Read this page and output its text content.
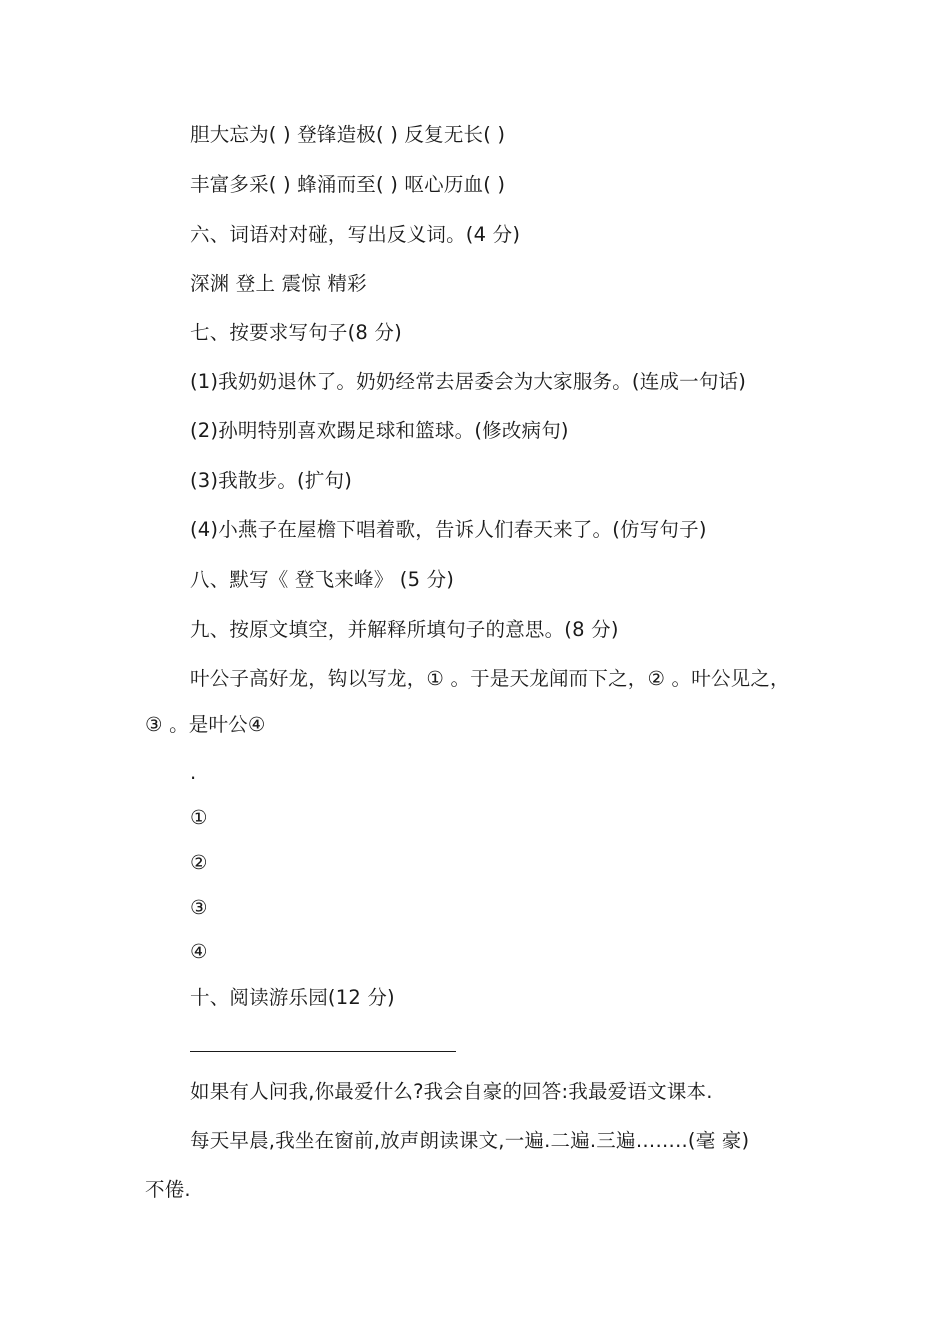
胆大忘为( ) 登锋造极( ) 反复无长( )
丰富多采( ) 蜂涌而至( ) 呕心历血( )
六、词语对对碰，写出反义词。(4 分)
深渊 登上 震惊 精彩
七、按要求写句子(8 分)
(1)我奶奶退休了。奶奶经常去居委会为大家服务。(连成一句话)
(2)孙明特别喜欢踢足球和篮球。(修改病句)
(3)我散步。(扩句)
(4)小燕子在屋檐下唱着歌，告诉人们春天来了。(仿写句子)
八、默写《 登飞来峰》 (5 分)
九、按原文填空，并解释所填句子的意思。(8 分)
叶公子高好龙，钩以写龙，① 。于是天龙闻而下之，② 。叶公见之，
③ 。是叶公④
.
①
②
③
④
十、阅读游乐园(12 分)
如果有人问我,你最爱什么?我会自豪的回答:我最爱语文课本.
每天早晨,我坐在窗前,放声朗读课文,一遍.二遍.三遍……..(毫 豪)
不倦.
